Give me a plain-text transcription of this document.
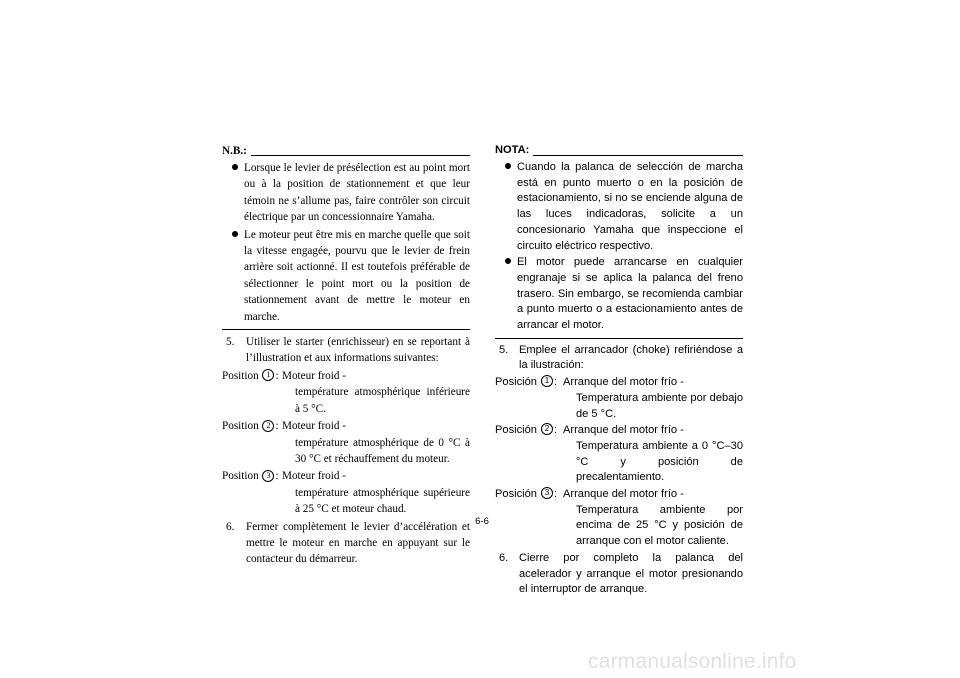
N.B.:
Lorsque le levier de présélection est au point mort ou à la position de stationnement et que leur témoin ne s’allume pas, faire contrôler son circuit électrique par un concessionnaire Yamaha.
Le moteur peut être mis en marche quelle que soit la vitesse engagée, pourvu que le levier de frein arrière soit actionné. Il est toutefois préférable de sélectionner le point mort ou la position de stationnement avant de mettre le moteur en marche.
5.	Utiliser le starter (enrichisseur) en se reportant à l’illustration et aux informations suivantes:
Position 1 : Moteur froid -
température atmosphérique inférieure à 5 °C.
Position 2 : Moteur froid -
température atmosphérique de 0 °C à 30 °C et réchauffement du moteur.
Position 3 : Moteur froid -
température atmosphérique supérieure à 25 °C et moteur chaud.
6.	Fermer complètement le levier d’accélération et mettre le moteur en marche en appuyant sur le contacteur du démarreur.
NOTA:
Cuando la palanca de selección de marcha está en punto muerto o en la posición de estacionamiento, si no se enciende alguna de las luces indicadoras, solicite a un concesionario Yamaha que inspeccione el circuito eléctrico respectivo.
El motor puede arrancarse en cualquier engranaje si se aplica la palanca del freno trasero. Sin embargo, se recomienda cambiar a punto muerto o a estacionamiento antes de arrancar el motor.
5. Emplee el arrancador (choke) refiriéndose a la ilustración:
Posición 1 : Arranque del motor frío -
Temperatura ambiente por debajo de 5 °C.
Posición 2 : Arranque del motor frío -
Temperatura ambiente a 0 °C–30 °C y posición de precalentamiento.
Posición 3 : Arranque del motor frío -
Temperatura ambiente por encima de 25 °C y posición de arranque con el motor caliente.
6. Cierre por completo la palanca del acelerador y arranque el motor presionando el interruptor de arranque.
6-6
carmanualsonline.info
